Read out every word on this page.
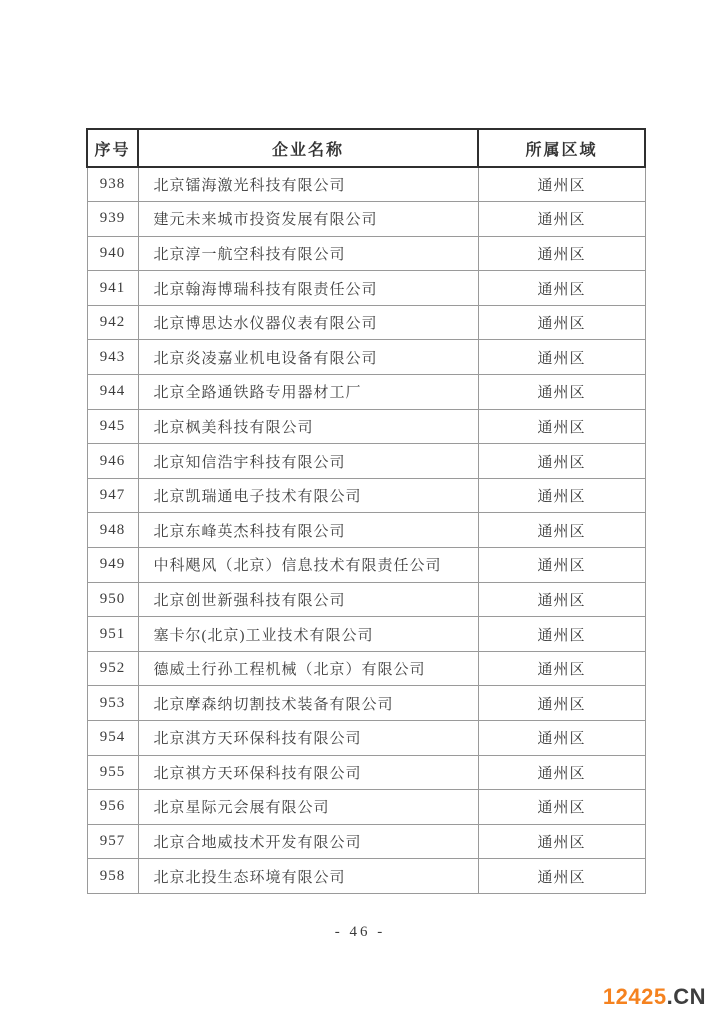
序号	企业名称	所属区域
938	北京镭海激光科技有限公司	通州区
939	建元未来城市投资发展有限公司	通州区
940	北京淳一航空科技有限公司	通州区
941	北京翰海博瑞科技有限责任公司	通州区
942	北京博思达水仪器仪表有限公司	通州区
943	北京炎凌嘉业机电设备有限公司	通州区
944	北京全路通铁路专用器材工厂	通州区
945	北京枫美科技有限公司	通州区
946	北京知信浩宇科技有限公司	通州区
947	北京凯瑞通电子技术有限公司	通州区
948	北京东峰英杰科技有限公司	通州区
949	中科飓风（北京）信息技术有限责任公司	通州区
950	北京创世新强科技有限公司	通州区
951	塞卡尔(北京)工业技术有限公司	通州区
952	德威土行孙工程机械（北京）有限公司	通州区
953	北京摩森纳切割技术装备有限公司	通州区
954	北京淇方天环保科技有限公司	通州区
955	北京祺方天环保科技有限公司	通州区
956	北京星际元会展有限公司	通州区
957	北京合地威技术开发有限公司	通州区
958	北京北投生态环境有限公司	通州区
- 46 -
12425.CN
